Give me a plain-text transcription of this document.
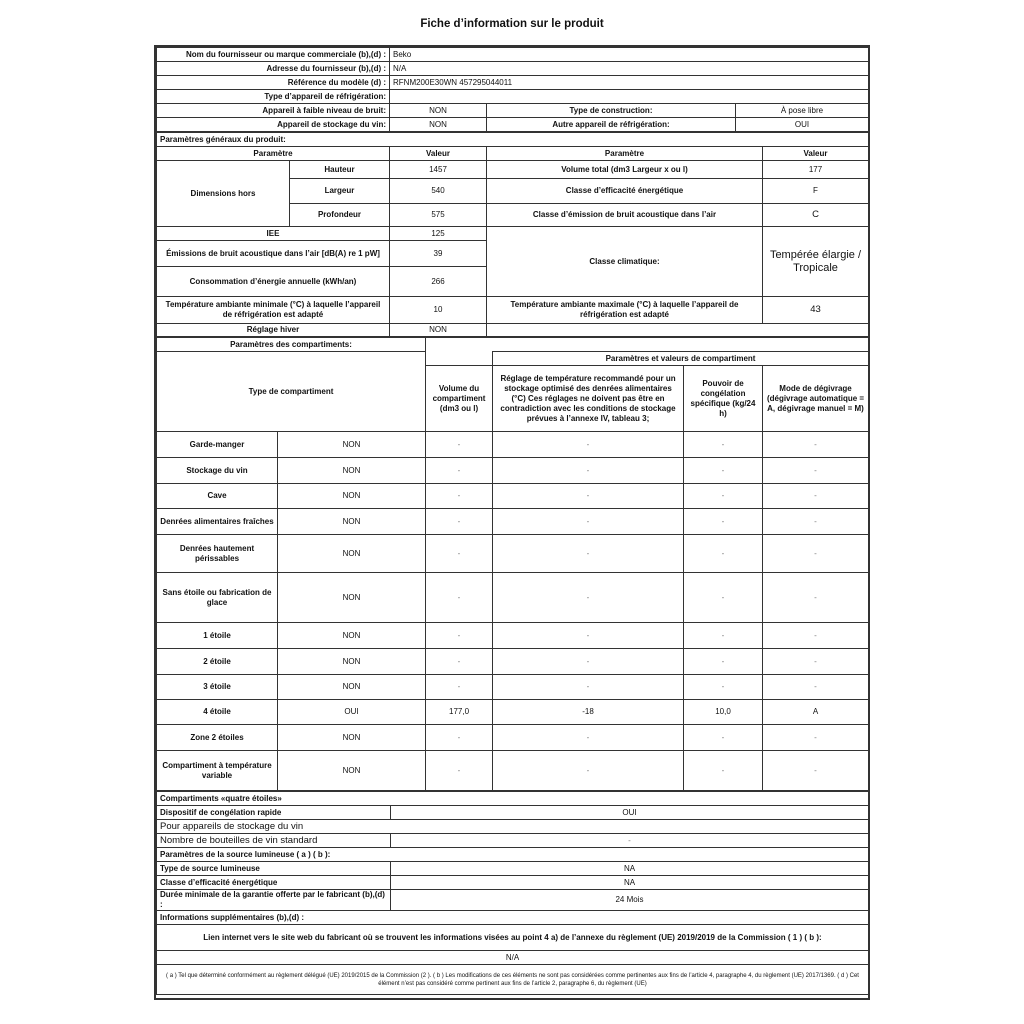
Fiche d’information sur le produit
Nom du fournisseur ou marque commerciale (b),(d) :	Beko		
Adresse du fournisseur (b),(d) :	N/A		
Référence du modèle (d) :	RFNM200E30WN 457295044011		
Type d’appareil de réfrigération:			
Appareil à faible niveau de bruit:	NON	Type de construction:	À pose libre
Appareil de stockage du vin:	NON	Autre appareil de réfrigération:	OUI
Paramètres généraux du produit:				
Paramètre		Valeur	Paramètre	Valeur
Dimensions hors	Hauteur	1457	Volume total (dm3 Largeur x ou l)	177
	Largeur	540	Classe d’efficacité énergétique	F
	Profondeur	575	Classe d’émission de bruit acoustique dans l’air	C
IEE		125	Classe climatique:	Tempérée élargie / Tropicale
Émissions de bruit acoustique dans l’air [dB(A) re 1 pW]		39		
Consommation d’énergie annuelle (kWh/an)		266		
Température ambiante minimale (°C) à laquelle l’appareil de réfrigération est adapté		10	Température ambiante maximale (°C) à laquelle l’appareil de réfrigération est adapté	43
Réglage hiver		NON		
Paramètres des compartiments:					
Type de compartiment			Paramètres et valeurs de compartiment		
		Volume du compartiment (dm3 ou l)	Réglage de température recommandé pour un stockage optimisé des denrées alimentaires (°C) Ces réglages ne doivent pas être en contradiction avec les conditions de stockage prévues à l’annexe IV, tableau 3;	Pouvoir de congélation spécifique (kg/24 h)	Mode de dégivrage (dégivrage automatique = A, dégivrage manuel = M)
Garde-manger	NON	-	-	-	-
Stockage du vin	NON	-	-	-	-
Cave	NON	-	-	-	-
Denrées alimentaires fraîches	NON	-	-	-	-
Denrées hautement périssables	NON	-	-	-	-
Sans étoile ou fabrication de glace	NON	-	-	-	-
1 étoile	NON	-	-	-	-
2 étoile	NON	-	-	-	-
3 étoile	NON	-	-	-	-
4 étoile	OUI	177,0	-18	10,0	A
Zone 2 étoiles	NON	-	-	-	-
Compartiment à température variable	NON	-	-	-	-
Compartiments «quatre étoiles»	
Dispositif de congélation rapide	OUI
Pour appareils de stockage du vin	
Nombre de bouteilles de vin standard	-
Paramètres de la source lumineuse ( a ) ( b ):	
Type de source lumineuse	NA
Classe d’efficacité énergétique	NA
Durée minimale de la garantie offerte par le fabricant (b),(d) :	24 Mois
Informations supplémentaires (b),(d) :	
Lien internet vers le site web du fabricant où se trouvent les informations visées au point 4 a) de l’annexe du règlement (UE) 2019/2019 de la Commission ( 1 ) ( b ):	
N/A	
( a ) Tel que déterminé conformément au règlement délégué (UE) 2019/2015 de la Commission (2 ). ( b ) Les modifications de ces éléments ne sont pas considérées comme pertinentes aux fins de l’article 4, paragraphe 4, du règlement (UE) 2017/1369. ( d ) Cet élément n’est pas considéré comme pertinent aux fins de l’article 2, paragraphe 6, du règlement (UE)	
